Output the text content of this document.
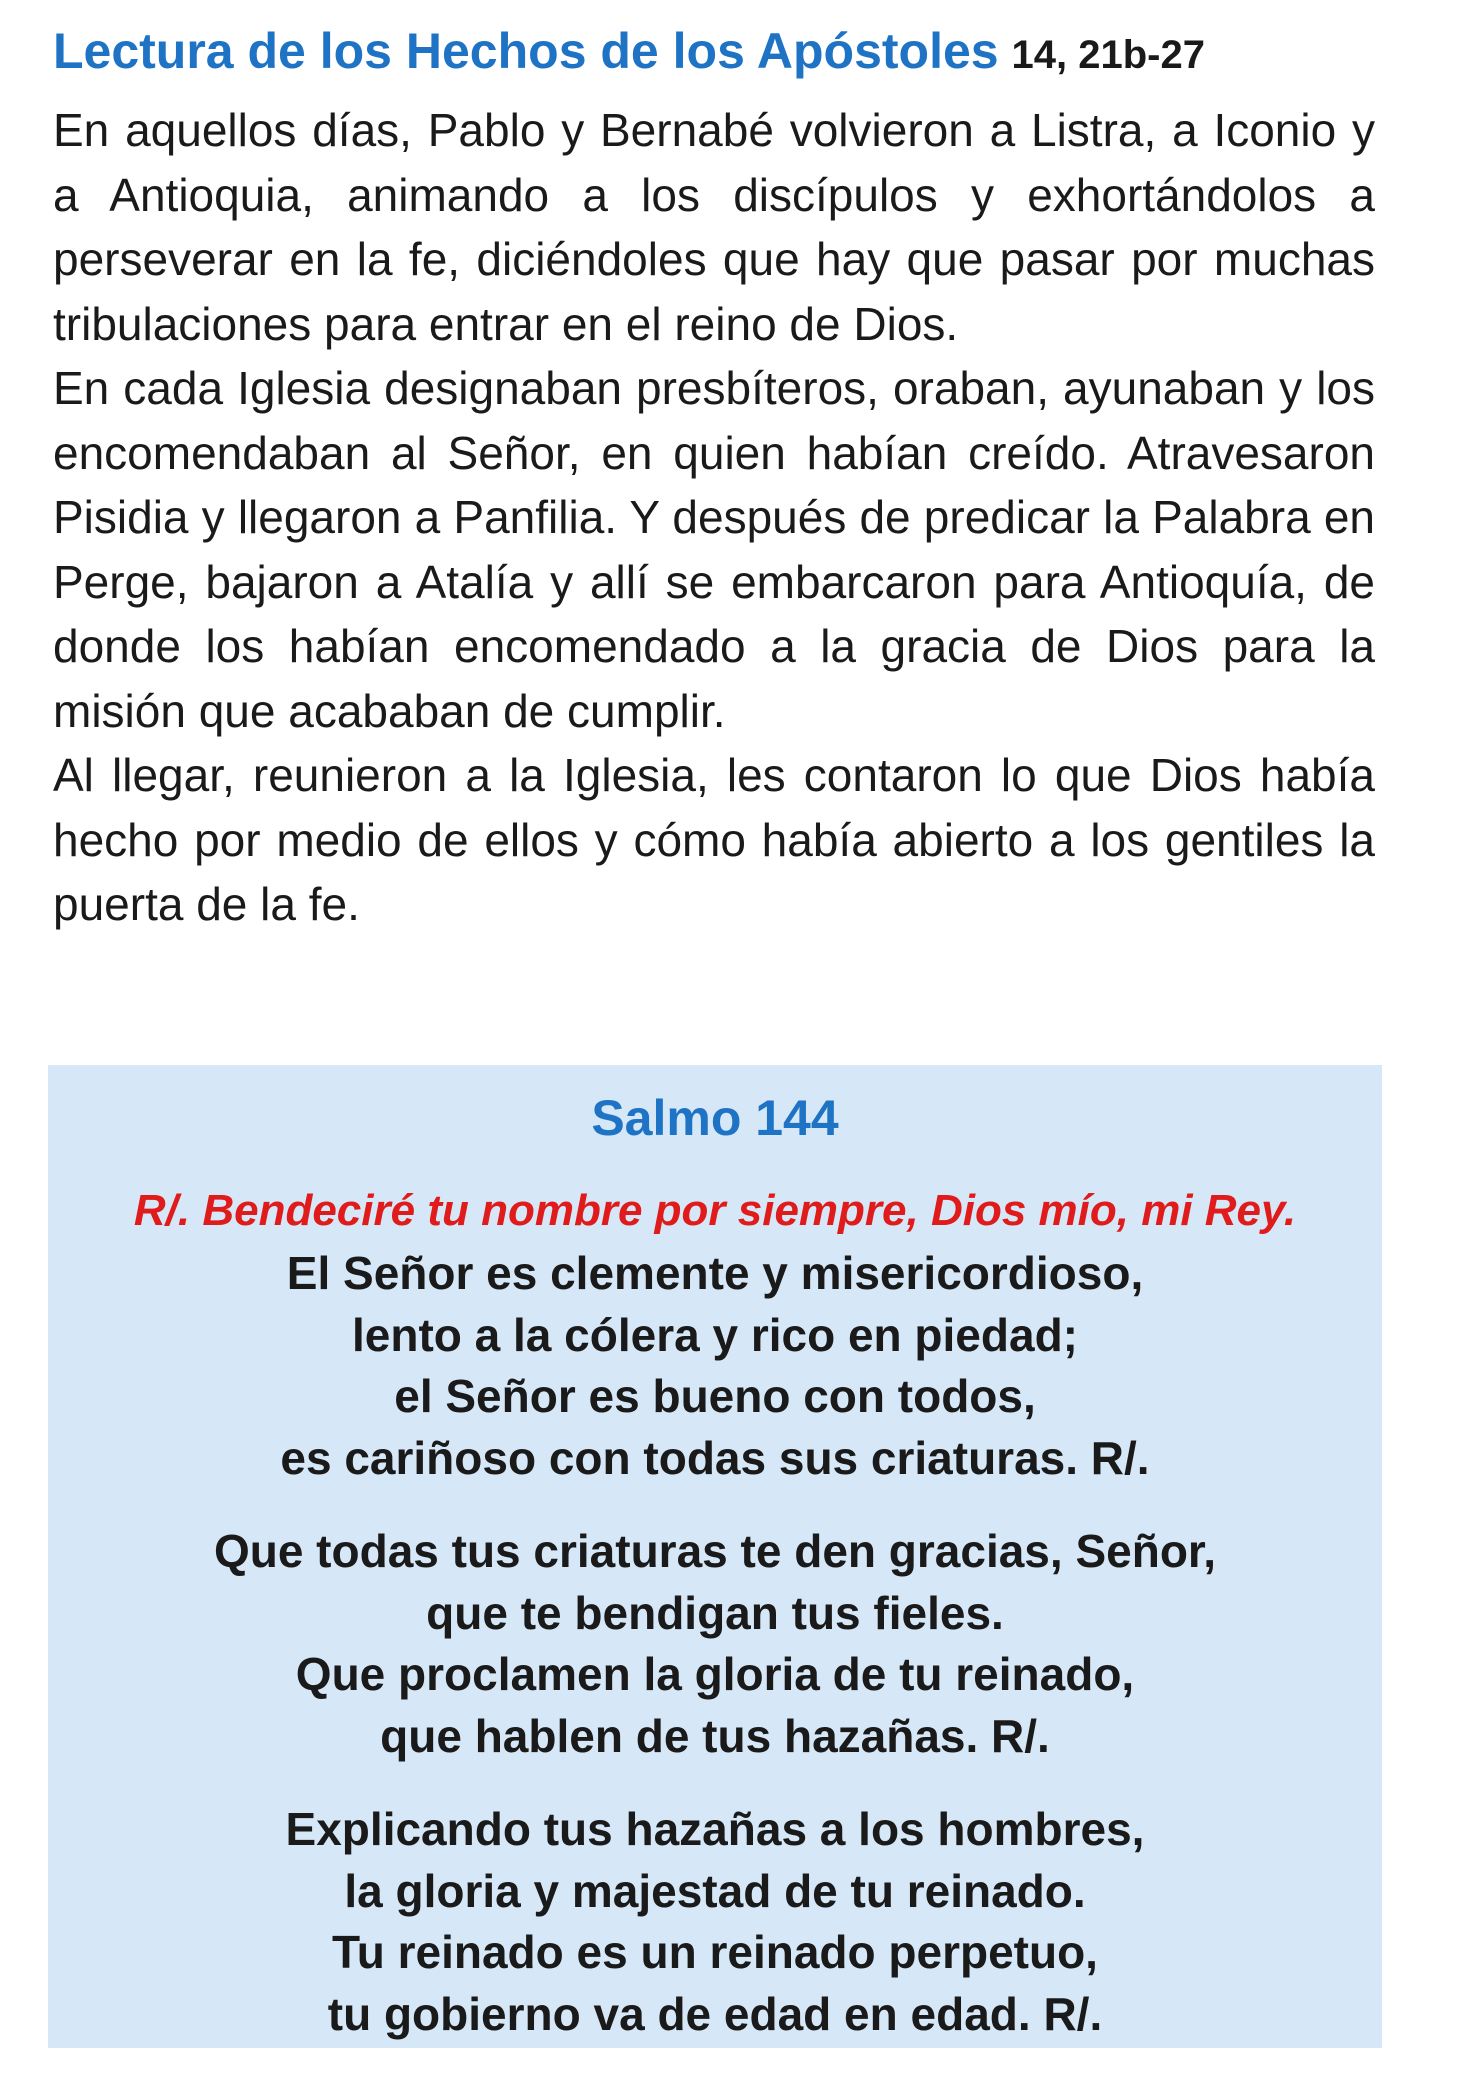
Lectura de los Hechos de los Apóstoles 14, 21b-27

En aquellos días, Pablo y Bernabé volvieron a Listra, a Iconio y a Antioquia, animando a los discípulos y exhortándolos a perseverar en la fe, diciéndoles que hay que pasar por muchas tribulaciones para entrar en el reino de Dios.

En cada Iglesia designaban presbíteros, oraban, ayunaban y los encomendaban al Señor, en quien habían creído. Atravesaron Pisidia y llegaron a Panfilia. Y después de predicar la Palabra en Perge, bajaron a Atalía y allí se embarcaron para Antioquía, de donde los habían encomendado a la gracia de Dios para la misión que acababan de cumplir.

Al llegar, reunieron a la Iglesia, les contaron lo que Dios había hecho por medio de ellos y cómo había abierto a los gentiles la puerta de la fe.

Salmo 144

R/. Bendeciré tu nombre por siempre, Dios mío, mi Rey.

El Señor es clemente y misericordioso,
lento a la cólera y rico en piedad;
el Señor es bueno con todos,
es cariñoso con todas sus criaturas. R/.
Que todas tus criaturas te den gracias, Señor,
que te bendigan tus fieles.
Que proclamen la gloria de tu reinado,
que hablen de tus hazañas. R/.
Explicando tus hazañas a los hombres,
la gloria y majestad de tu reinado.
Tu reinado es un reinado perpetuo,
tu gobierno va de edad en edad. R/.
